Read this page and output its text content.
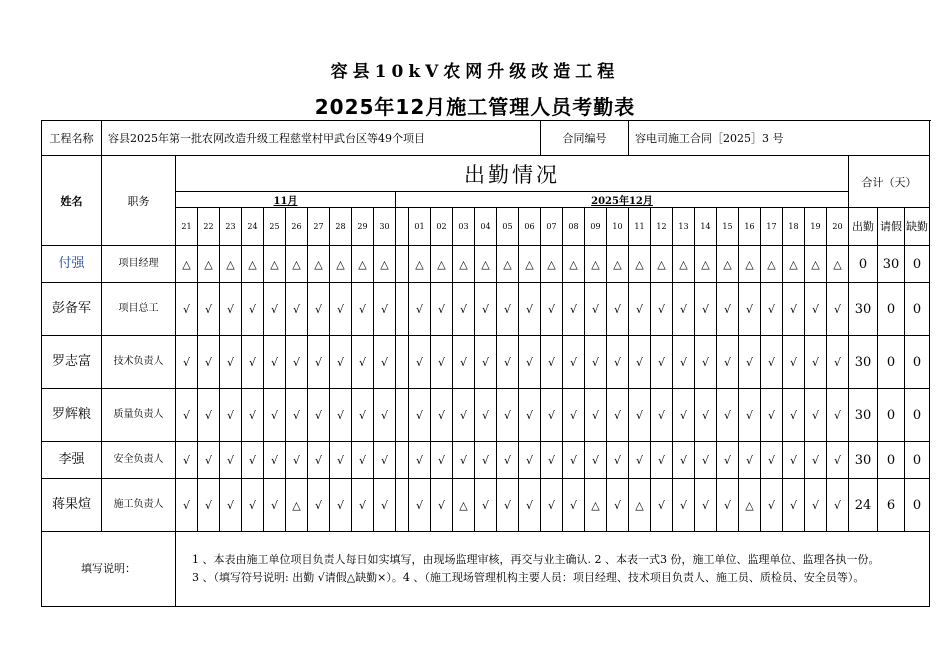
容县10kV农网升级改造工程
2025年12月施工管理人员考勤表
工程名称	容县2025年第一批农网改造升级工程慈堂村甲武台区等49个项目																		合同编号				容电司施工合同［2025］3 号												
姓名	职务	出勤情况																															合计（天）		
		11月										2025年12月																							
		21	22	23	24	25	26	27	28	29	30		01	02	03	04	05	06	07	08	09	10	11	12	13	14	15	16	17	18	19	20	出勤	请假	缺勤
付强	项目经理	△	△	△	△	△	△	△	△	△	△		△	△	△	△	△	△	△	△	△	△	△	△	△	△	△	△	△	△	△	△	0	30	0
彭备军	项目总工	√	√	√	√	√	√	√	√	√	√		√	√	√	√	√	√	√	√	√	√	√	√	√	√	√	√	√	√	√	√	30	0	0
罗志富	技术负责人	√	√	√	√	√	√	√	√	√	√		√	√	√	√	√	√	√	√	√	√	√	√	√	√	√	√	√	√	√	√	30	0	0
罗辉粮	质量负责人	√	√	√	√	√	√	√	√	√	√		√	√	√	√	√	√	√	√	√	√	√	√	√	√	√	√	√	√	√	√	30	0	0
李强	安全负责人	√	√	√	√	√	√	√	√	√	√		√	√	√	√	√	√	√	√	√	√	√	√	√	√	√	√	√	√	√	√	30	0	0
蒋果煊	施工负责人	√	√	√	√	√	△	√	√	√	√		√	√	△	√	√	√	√	√	△	√	△	√	√	√	√	△	√	√	√	√	24	6	0
填写说明：		1 、本表由施工单位项目负责人每日如实填写，由现场监理审核，再交与业主确认. 2 、本表一式3 份，施工单位、监理单位、监理各执一份。

3 、（填写符号说明: 出勤 √请假△缺勤×）。4 、（施工现场管理机构主要人员：项目经理、技术项目负责人、施工员、质检员、安全员等）。																																	
